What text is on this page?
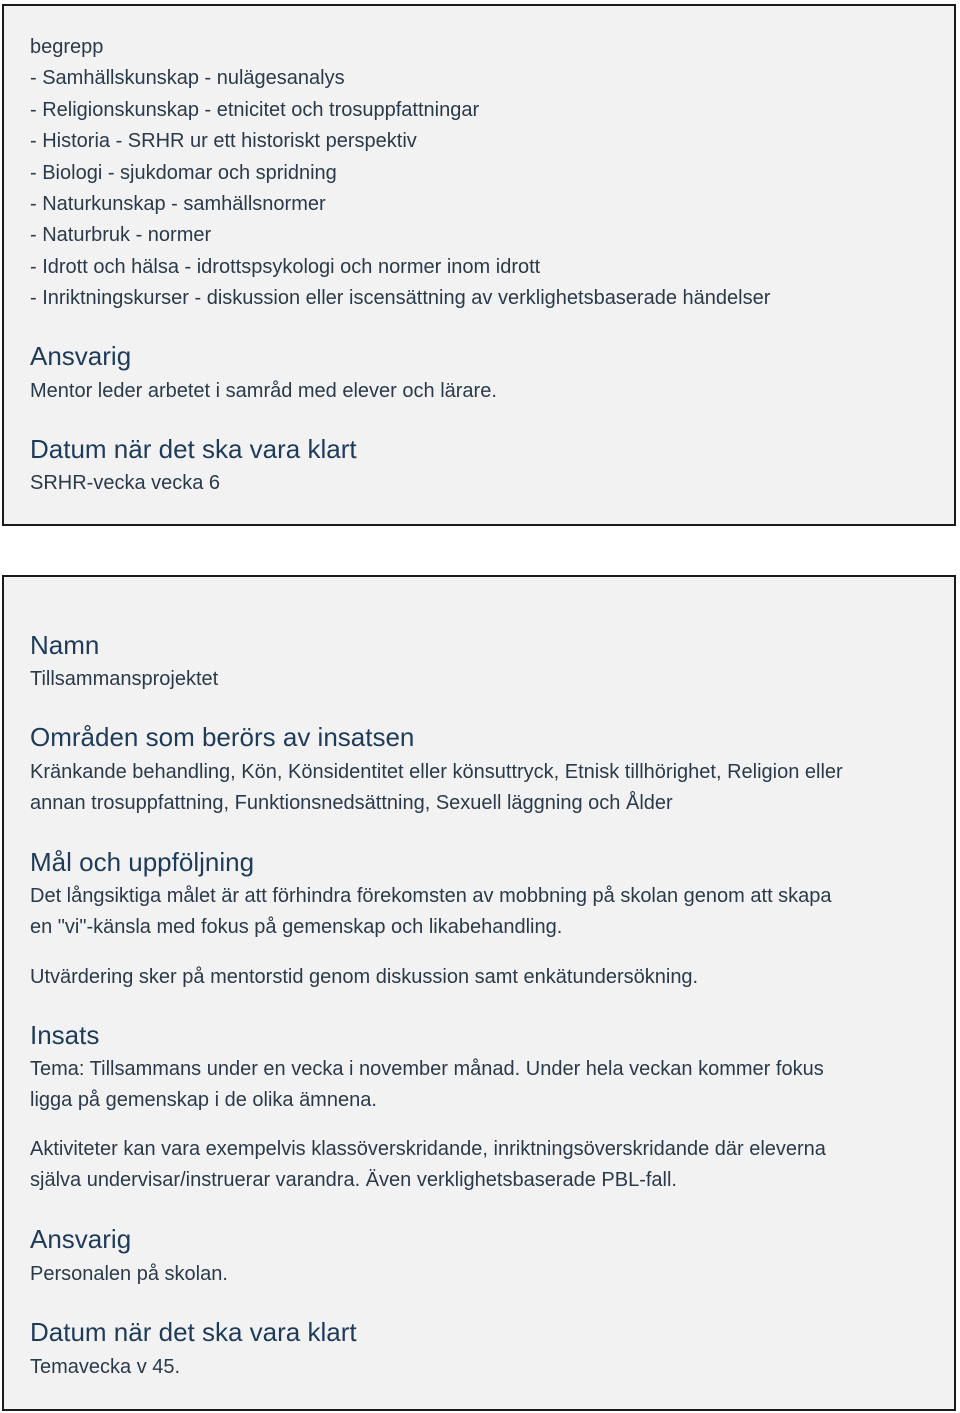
begrepp
- Samhällskunskap - nulägesanalys
- Religionskunskap - etnicitet och trosuppfattningar
- Historia - SRHR ur ett historiskt perspektiv
- Biologi - sjukdomar och spridning
- Naturkunskap - samhällsnormer
- Naturbruk - normer
- Idrott och hälsa - idrottspsykologi och normer inom idrott
- Inriktningskurser - diskussion eller iscensättning av verklighetsbaserade händelser

Ansvarig

Mentor leder arbetet i samråd med elever och lärare.

Datum när det ska vara klart

SRHR-vecka vecka 6

Namn

Tillsammansprojektet

Områden som berörs av insatsen

Kränkande behandling, Kön, Könsidentitet eller könsuttryck, Etnisk tillhörighet, Religion eller
annan trosuppfattning, Funktionsnedsättning, Sexuell läggning och Ålder

Mål och uppföljning

Det långsiktiga målet är att förhindra förekomsten av mobbning på skolan genom att skapa
en "vi"-känsla med fokus på gemenskap och likabehandling.

Utvärdering sker på mentorstid genom diskussion samt enkätundersökning.

Insats

Tema: Tillsammans under en vecka i november månad. Under hela veckan kommer fokus
ligga på gemenskap i de olika ämnena.

Aktiviteter kan vara exempelvis klassöverskridande, inriktningsöverskridande där eleverna
själva undervisar/instruerar varandra. Även verklighetsbaserade PBL-fall.

Ansvarig

Personalen på skolan.

Datum när det ska vara klart

Temavecka v 45.
